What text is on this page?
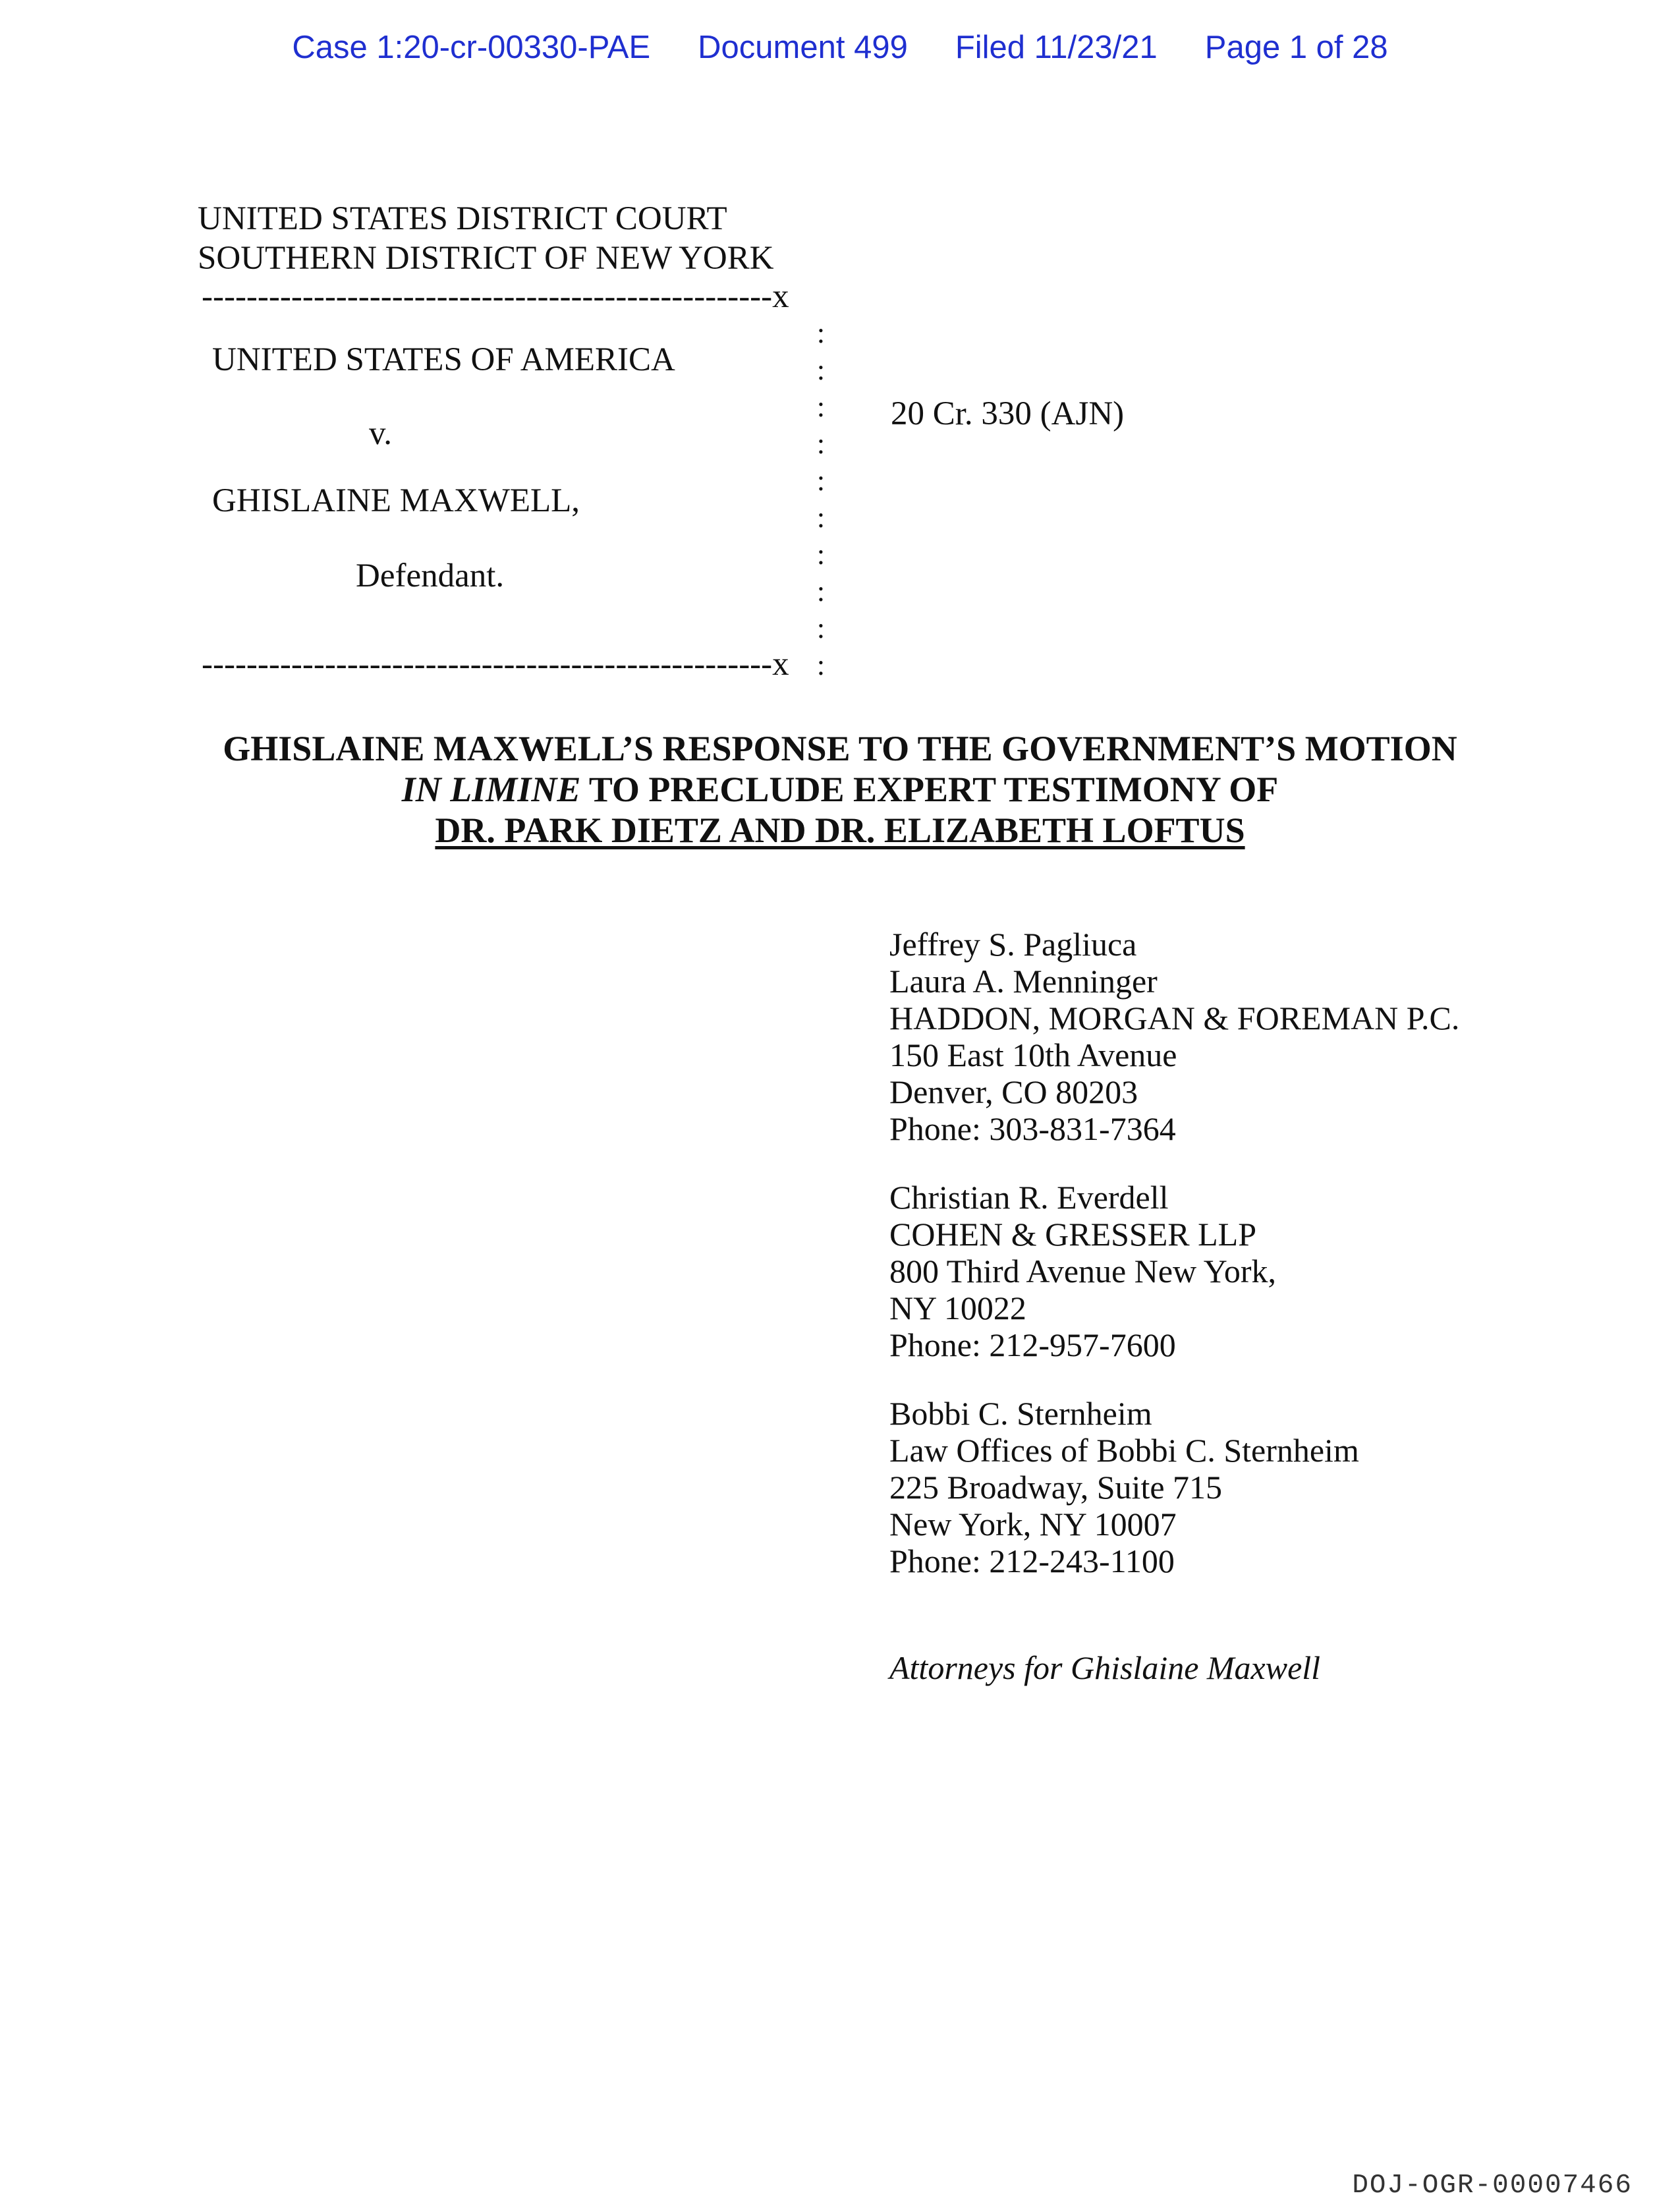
Case 1:20-cr-00330-PAE Document 499 Filed 11/23/21 Page 1 of 28
UNITED STATES DISTRICT COURT
SOUTHERN DISTRICT OF NEW YORK
---------------------------------------------------x
:
:
:
:
:
:
:
:
:
:
UNITED STATES OF AMERICA
v.
GHISLAINE MAXWELL,
Defendant.
20 Cr. 330 (AJN)
---------------------------------------------------x
GHISLAINE MAXWELL’S RESPONSE TO THE GOVERNMENT’S MOTION
IN LIMINE TO PRECLUDE EXPERT TESTIMONY OF
DR. PARK DIETZ AND DR. ELIZABETH LOFTUS
Jeffrey S. Pagliuca
Laura A. Menninger
HADDON, MORGAN & FOREMAN P.C.
150 East 10th Avenue
Denver, CO 80203
Phone: 303-831-7364
Christian R. Everdell
COHEN & GRESSER LLP
800 Third Avenue New York,
NY 10022
Phone: 212-957-7600
Bobbi C. Sternheim
Law Offices of Bobbi C. Sternheim
225 Broadway, Suite 715
New York, NY 10007
Phone: 212-243-1100
Attorneys for Ghislaine Maxwell
DOJ-OGR-00007466
